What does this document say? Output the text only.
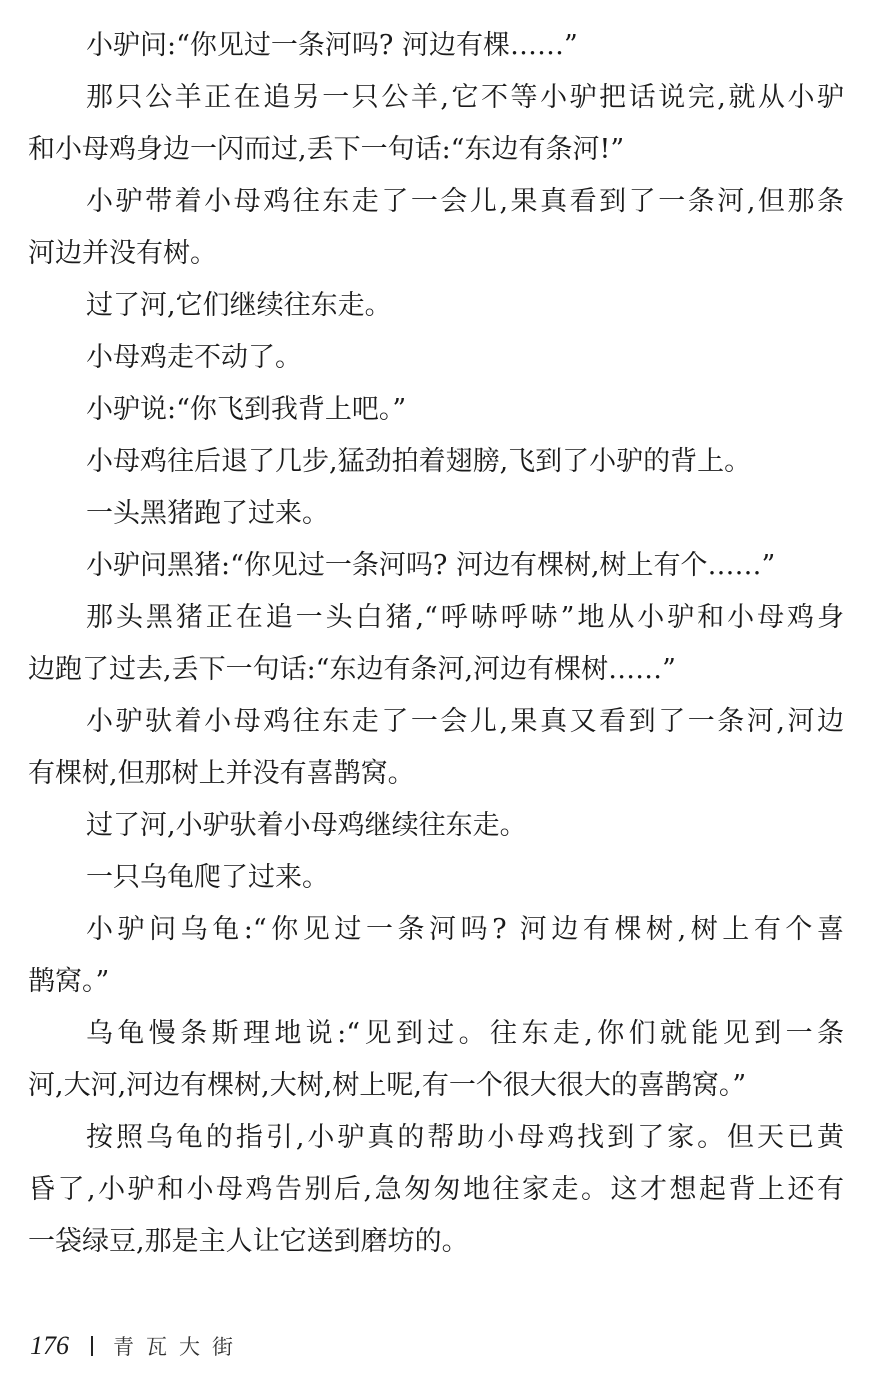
小驴问:“你见过一条河吗? 河边有棵……”
那只公羊正在追另一只公羊,它不等小驴把话说完,就从小驴
和小母鸡身边一闪而过,丢下一句话:“东边有条河!”
小驴带着小母鸡往东走了一会儿,果真看到了一条河,但那条
河边并没有树。
过了河,它们继续往东走。
小母鸡走不动了。
小驴说:“你飞到我背上吧。”
小母鸡往后退了几步,猛劲拍着翅膀,飞到了小驴的背上。
一头黑猪跑了过来。
小驴问黑猪:“你见过一条河吗? 河边有棵树,树上有个……”
那头黑猪正在追一头白猪,“呼哧呼哧”地从小驴和小母鸡身
边跑了过去,丢下一句话:“东边有条河,河边有棵树……”
小驴驮着小母鸡往东走了一会儿,果真又看到了一条河,河边
有棵树,但那树上并没有喜鹊窝。
过了河,小驴驮着小母鸡继续往东走。
一只乌龟爬了过来。
小驴问乌龟:“你见过一条河吗? 河边有棵树,树上有个喜
鹊窝。”
乌龟慢条斯理地说:“见到过。往东走,你们就能见到一条
河,大河,河边有棵树,大树,树上呢,有一个很大很大的喜鹊窝。”
按照乌龟的指引,小驴真的帮助小母鸡找到了家。但天已黄
昏了,小驴和小母鸡告别后,急匆匆地往家走。这才想起背上还有
一袋绿豆,那是主人让它送到磨坊的。
176 青瓦大街
